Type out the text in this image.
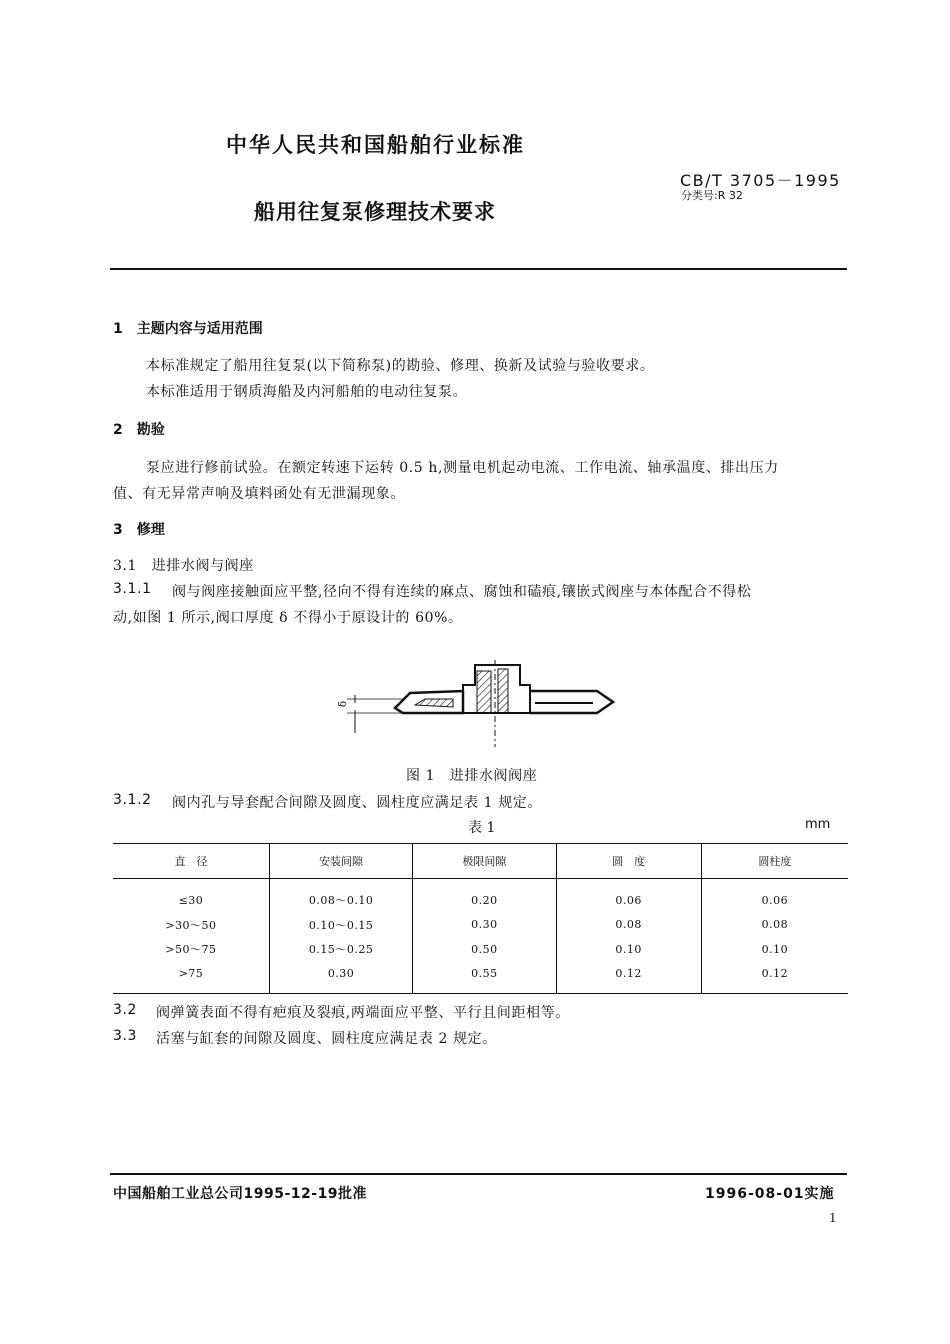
中华人民共和国船舶行业标准
CB/T 3705－1995
分类号:R 32
船用往复泵修理技术要求
1　主题内容与适用范围
本标准规定了船用往复泵(以下简称泵)的勘验、修理、换新及试验与验收要求。
本标准适用于钢质海船及内河船舶的电动往复泵。
2　勘验
泵应进行修前试验。在额定转速下运转 0.5 h,测量电机起动电流、工作电流、轴承温度、排出压力
值、有无异常声响及填料函处有无泄漏现象。
3　修理
3.1　进排水阀与阀座
3.1.1 阀与阀座接触面应平整,径向不得有连续的麻点、腐蚀和磕痕,镶嵌式阀座与本体配合不得松
动,如图 1 所示,阀口厚度 δ 不得小于原设计的 60%。
δ
图 1　进排水阀阀座
3.1.2 阀内孔与导套配合间隙及圆度、圆柱度应满足表 1 规定。
表 1	mm
直　径	安装间隙	极限间隙	圆　度	圆柱度
≤30	0.08～0.10	0.20	0.06	0.06
>30～50	0.10～0.15	0.30	0.08	0.08
>50～75	0.15～0.25	0.50	0.10	0.10
>75	0.30	0.55	0.12	0.12
3.2 阀弹簧表面不得有疤痕及裂痕,两端面应平整、平行且间距相等。
3.3 活塞与缸套的间隙及圆度、圆柱度应满足表 2 规定。
中国船舶工业总公司1995-12-19批准	1996-08-01实施
1
